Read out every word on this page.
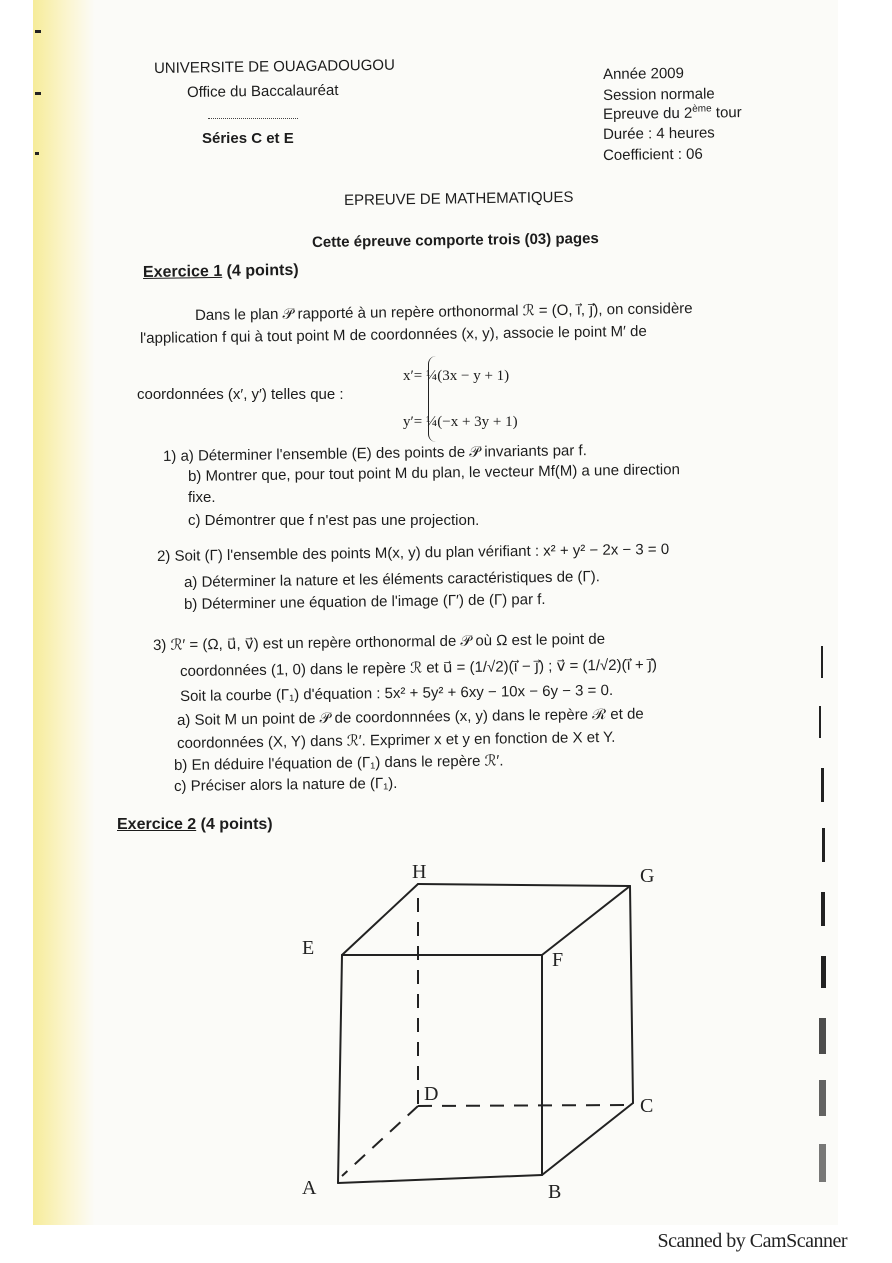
UNIVERSITE DE OUAGADOUGOU
Office du Baccalauréat
Séries C et E
Année 2009
Session normale
Epreuve du 2ème tour
Durée : 4 heures
Coefficient : 06
EPREUVE DE MATHEMATIQUES
Cette épreuve comporte trois (03) pages
Exercice 1 (4 points)
Dans le plan 𝒫 rapporté à un repère orthonormal ℛ = (O, i⃗, j⃗), on considère
l'application f qui à tout point M de coordonnées (x, y), associe le point M′ de
coordonnées (x′, y′) telles que :
x′= ¼(3x − y + 1)
y′= ¼(−x + 3y + 1)
1) a) Déterminer l'ensemble (E) des points de 𝒫 invariants par f.
b) Montrer que, pour tout point M du plan, le vecteur Mf(M) a une direction
fixe.
c) Démontrer que f n'est pas une projection.
2) Soit (Γ) l'ensemble des points M(x, y) du plan vérifiant : x² + y² − 2x − 3 = 0
a) Déterminer la nature et les éléments caractéristiques de (Γ).
b) Déterminer une équation de l'image (Γ′) de (Γ) par f.
3) ℛ′ = (Ω, u⃗, v⃗) est un repère orthonormal de 𝒫 où Ω est le point de
coordonnées (1, 0) dans le repère ℛ et u⃗ = (1/√2)(i⃗ − j⃗) ; v⃗ = (1/√2)(i⃗ + j⃗)
Soit la courbe (Γ₁) d'équation : 5x² + 5y² + 6xy − 10x − 6y − 3 = 0.
a) Soit M un point de 𝒫 de coordonnnées (x, y) dans le repère ℛ et de
coordonnées (X, Y) dans ℛ′. Exprimer x et y en fonction de X et Y.
b) En déduire l'équation de (Γ₁) dans le repère ℛ′.
c) Préciser alors la nature de (Γ₁).
Exercice 2 (4 points)
H	G
E
F
D
C
A	B
Scanned by CamScanner
